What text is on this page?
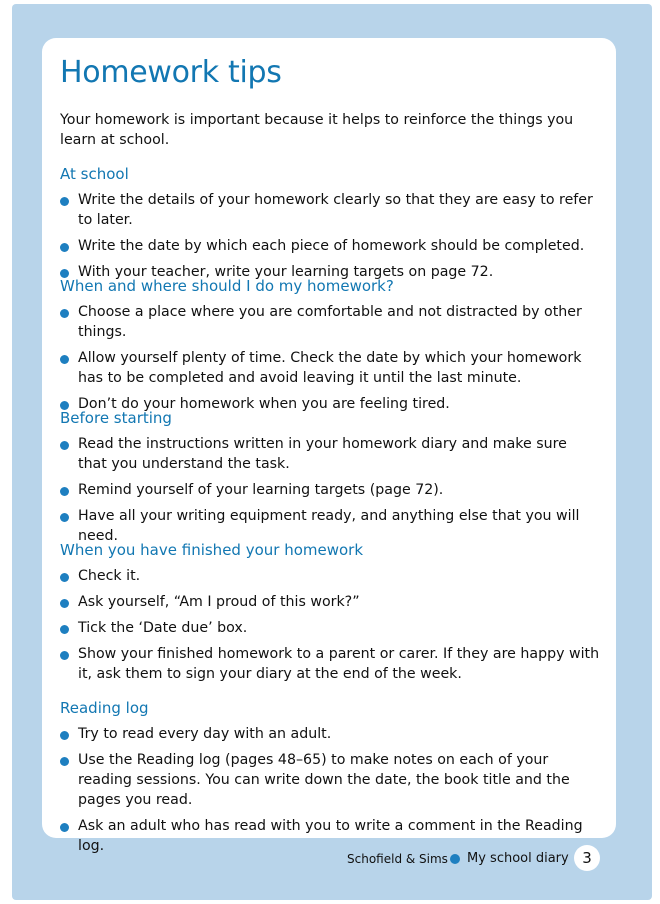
Homework tips

Your homework is important because it helps to reinforce the things you learn at school.

At school
Write the details of your homework clearly so that they are easy to refer to later.
Write the date by which each piece of homework should be completed.
With your teacher, write your learning targets on page 72.
When and where should I do my homework?
Choose a place where you are comfortable and not distracted by other things.
Allow yourself plenty of time. Check the date by which your homework has to be completed and avoid leaving it until the last minute.
Don’t do your homework when you are feeling tired.
Before starting
Read the instructions written in your homework diary and make sure that you understand the task.
Remind yourself of your learning targets (page 72).
Have all your writing equipment ready, and anything else that you will need.
When you have finished your homework
Check it.
Ask yourself, “Am I proud of this work?”
Tick the ‘Date due’ box.
Show your finished homework to a parent or carer. If they are happy with it, ask them to sign your diary at the end of the week.
Reading log
Try to read every day with an adult.
Use the Reading log (pages 48–65) to make notes on each of your reading sessions. You can write down the date, the book title and the pages you read.
Ask an adult who has read with you to write a comment in the Reading log.
Schofield & Sims My school diary 3
